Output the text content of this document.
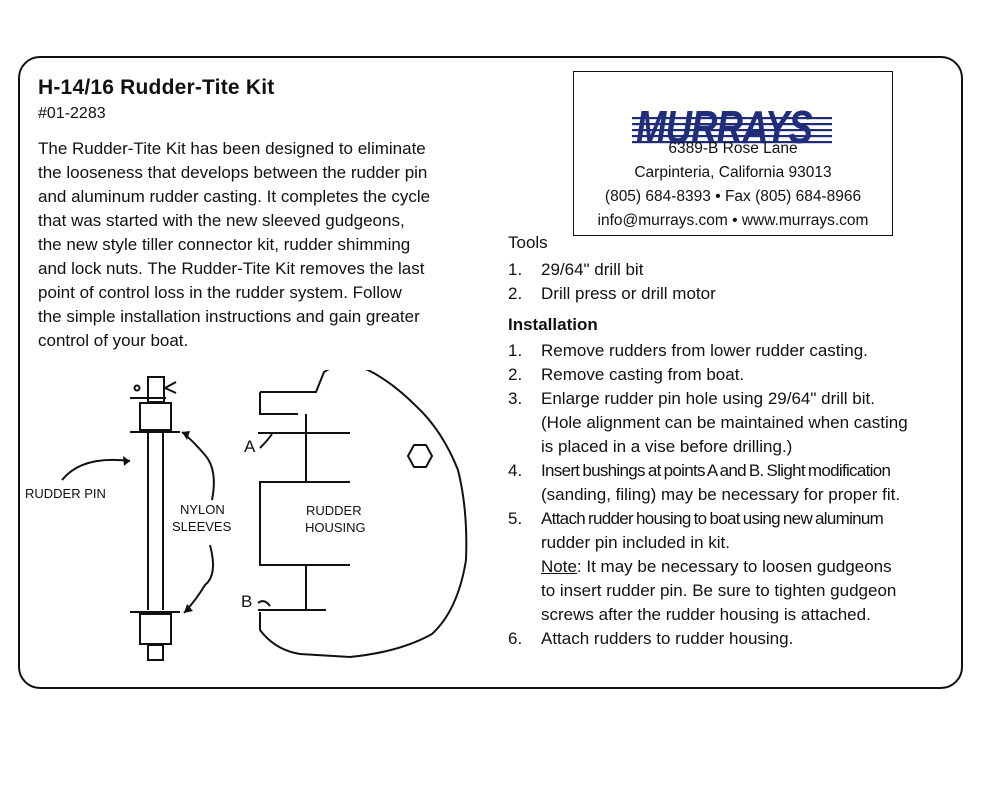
H-14/16 Rudder-Tite Kit
#01-2283

The Rudder-Tite Kit has been designed to eliminate
the looseness that develops between the rudder pin
and aluminum rudder casting. It completes the cycle
that was started with the new sleeved gudgeons,
the new style tiller connector kit, rudder shimming
and lock nuts. The Rudder-Tite Kit removes the last
point of control loss in the rudder system. Follow
the simple installation instructions and gain greater
control of your boat.

MURRAYS
6389-B Rose Lane
Carpinteria, California 93013
(805) 684-8393 • Fax (805) 684-8966
info@murrays.com • www.murrays.com
Tools
1. 29/64" drill bit
2. Drill press or drill motor
Installation
1. Remove rudders from lower rudder casting.
2. Remove casting from boat.
3. Enlarge rudder pin hole using 29/64" drill bit.
(Hole alignment can be maintained when casting
is placed in a vise before drilling.)
4. Insert bushings at points A and B. Slight modification
(sanding, filing) may be necessary for proper fit.
5. Attach rudder housing to boat using new aluminum
rudder pin included in kit.
Note: It may be necessary to loosen gudgeons
to insert rudder pin. Be sure to tighten gudgeon
screws after the rudder housing is attached.
6. Attach rudders to rudder housing.
RUDDER PIN
NYLON
SLEEVES
RUDDER
HOUSING
A
B
